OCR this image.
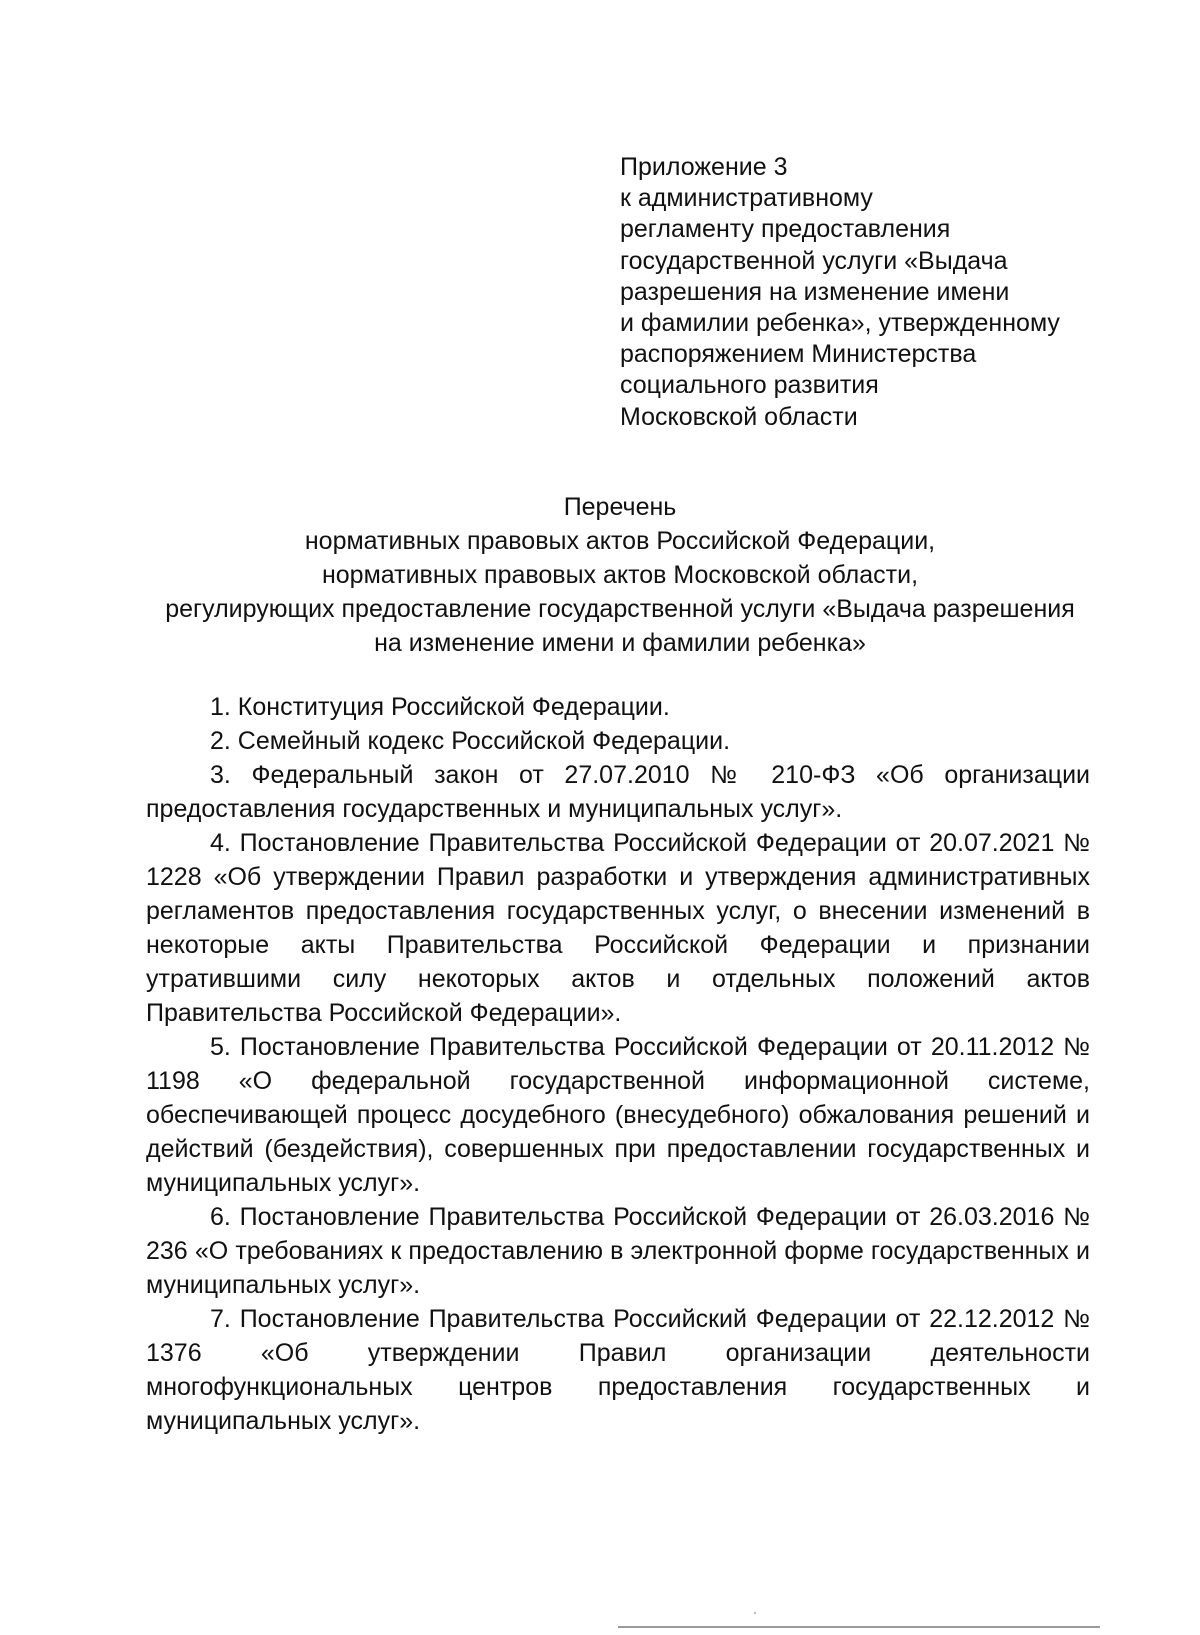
Приложение 3
к административному
регламенту предоставления
государственной услуги «Выдача
разрешения на изменение имени
и фамилии ребенка», утвержденному
распоряжением Министерства
социального развития
Московской области
Перечень
нормативных правовых актов Российской Федерации,
нормативных правовых актов Московской области,
регулирующих предоставление государственной услуги «Выдача разрешения
на изменение имени и фамилии ребенка»

1. Конституция Российской Федерации.

2. Семейный кодекс Российской Федерации.

3. Федеральный закон от 27.07.2010 № 210-ФЗ «Об организации предоставления государственных и муниципальных услуг».

4. Постановление Правительства Российской Федерации от 20.07.2021 № 1228 «Об утверждении Правил разработки и утверждения административных регламентов предоставления государственных услуг, о внесении изменений в некоторые акты Правительства Российской Федерации и признании утратившими силу некоторых актов и отдельных положений актов Правительства Российской Федерации».

5. Постановление Правительства Российской Федерации от 20.11.2012 № 1198 «О федеральной государственной информационной системе, обеспечивающей процесс досудебного (внесудебного) обжалования решений и действий (бездействия), совершенных при предоставлении государственных и муниципальных услуг».

6. Постановление Правительства Российской Федерации от 26.03.2016 № 236 «О требованиях к предоставлению в электронной форме государственных и муниципальных услуг».

7. Постановление Правительства Российский Федерации от 22.12.2012 № 1376 «Об утверждении Правил организации деятельности многофункциональных центров предоставления государственных и муниципальных услуг».
